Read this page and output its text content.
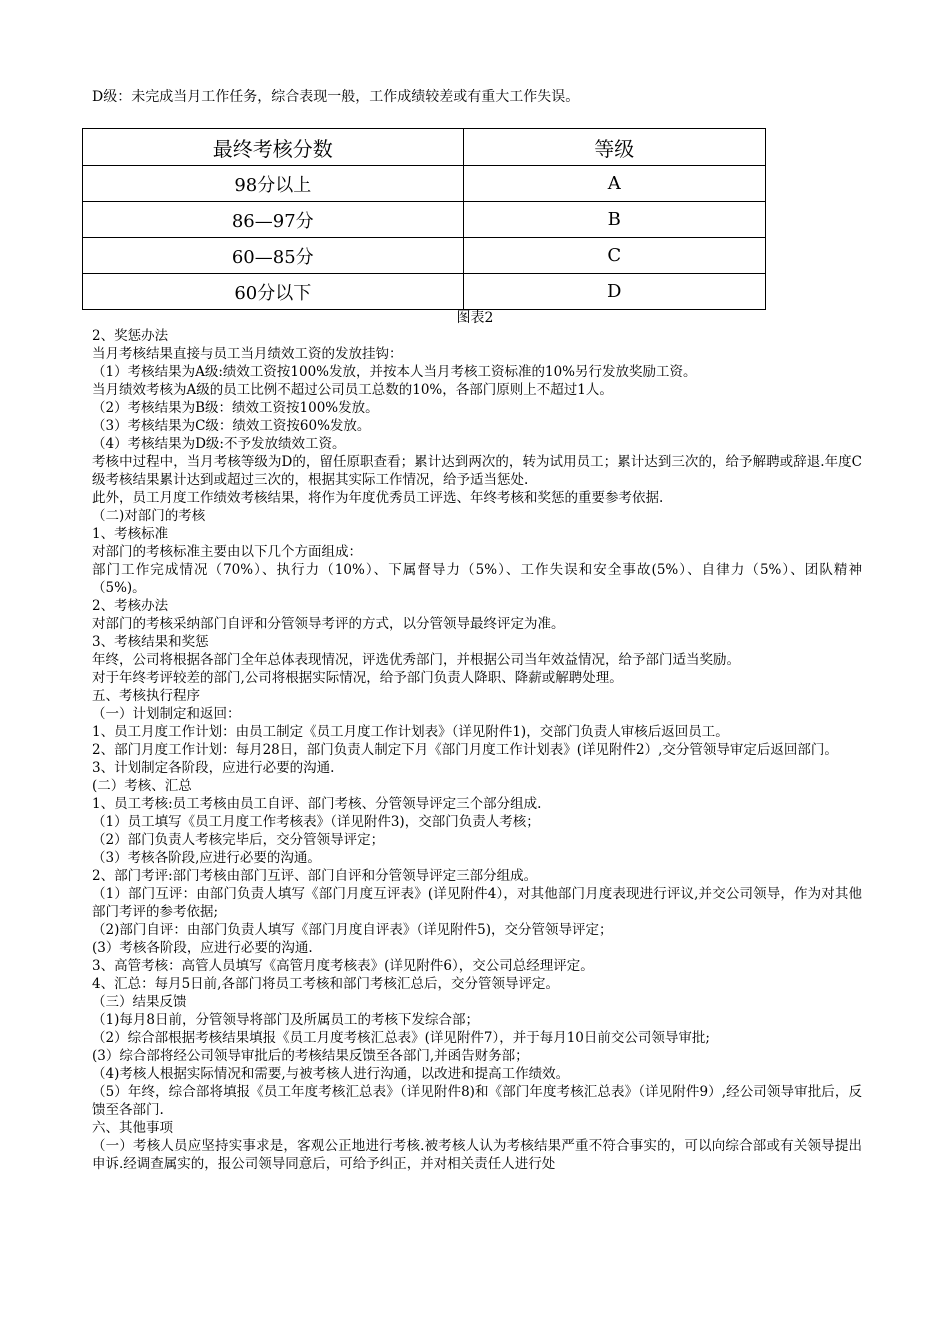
D级：未完成当月工作任务，综合表现一般，工作成绩较差或有重大工作失误。
最终考核分数	等级
98分以上	A
86—97分	B
60—85分	C
60分以下	D
图表2

2、奖惩办法

当月考核结果直接与员工当月绩效工资的发放挂钩：

（1）考核结果为A级:绩效工资按100%发放，并按本人当月考核工资标准的10%另行发放奖励工资。

当月绩效考核为A级的员工比例不超过公司员工总数的10%，各部门原则上不超过1人。

（2）考核结果为B级：绩效工资按100%发放。

（3）考核结果为C级：绩效工资按60%发放。

（4）考核结果为D级:不予发放绩效工资。

考核中过程中，当月考核等级为D的，留任原职查看；累计达到两次的，转为试用员工；累计达到三次的，给予解聘或辞退.年度C级考核结果累计达到或超过三次的，根据其实际工作情况，给予适当惩处.

此外，员工月度工作绩效考核结果，将作为年度优秀员工评选、年终考核和奖惩的重要参考依据.

（二)对部门的考核

1、考核标准

对部门的考核标准主要由以下几个方面组成：

部门工作完成情况（70%）、执行力（10%）、下属督导力（5%）、工作失误和安全事故(5%）、自律力（5%）、团队精神（5%)。

2、考核办法

对部门的考核采纳部门自评和分管领导考评的方式，以分管领导最终评定为准。

3、考核结果和奖惩

年终，公司将根据各部门全年总体表现情况，评选优秀部门，并根据公司当年效益情况，给予部门适当奖励。

对于年终考评较差的部门,公司将根据实际情况，给予部门负责人降职、降薪或解聘处理。

五、考核执行程序

（一）计划制定和返回：

1、员工月度工作计划：由员工制定《员工月度工作计划表》（详见附件1)，交部门负责人审核后返回员工。

2、部门月度工作计划：每月28日，部门负责人制定下月《部门月度工作计划表》(详见附件2）,交分管领导审定后返回部门。

3、计划制定各阶段，应进行必要的沟通.

(二）考核、汇总

1、员工考核:员工考核由员工自评、部门考核、分管领导评定三个部分组成.

（1）员工填写《员工月度工作考核表》（详见附件3)，交部门负责人考核；

（2）部门负责人考核完毕后，交分管领导评定；

（3）考核各阶段,应进行必要的沟通。

2、部门考评:部门考核由部门互评、部门自评和分管领导评定三部分组成。

（1）部门互评：由部门负责人填写《部门月度互评表》(详见附件4），对其他部门月度表现进行评议,并交公司领导，作为对其他部门考评的参考依据;

（2)部门自评：由部门负责人填写《部门月度自评表》（详见附件5)，交分管领导评定；

(3）考核各阶段，应进行必要的沟通.

3、高管考核：高管人员填写《高管月度考核表》(详见附件6），交公司总经理评定。

4、汇总：每月5日前,各部门将员工考核和部门考核汇总后，交分管领导评定。

（三）结果反馈

（1)每月8日前，分管领导将部门及所属员工的考核下发综合部；

（2）综合部根据考核结果填报《员工月度考核汇总表》(详见附件7），并于每月10日前交公司领导审批;

(3）综合部将经公司领导审批后的考核结果反馈至各部门,并函告财务部；

（4)考核人根据实际情况和需要,与被考核人进行沟通，以改进和提高工作绩效。

（5）年终，综合部将填报《员工年度考核汇总表》（详见附件8)和《部门年度考核汇总表》（详见附件9）,经公司领导审批后，反馈至各部门.

六、其他事项

（一）考核人员应坚持实事求是，客观公正地进行考核.被考核人认为考核结果严重不符合事实的，可以向综合部或有关领导提出申诉.经调查属实的，报公司领导同意后，可给予纠正，并对相关责任人进行处
